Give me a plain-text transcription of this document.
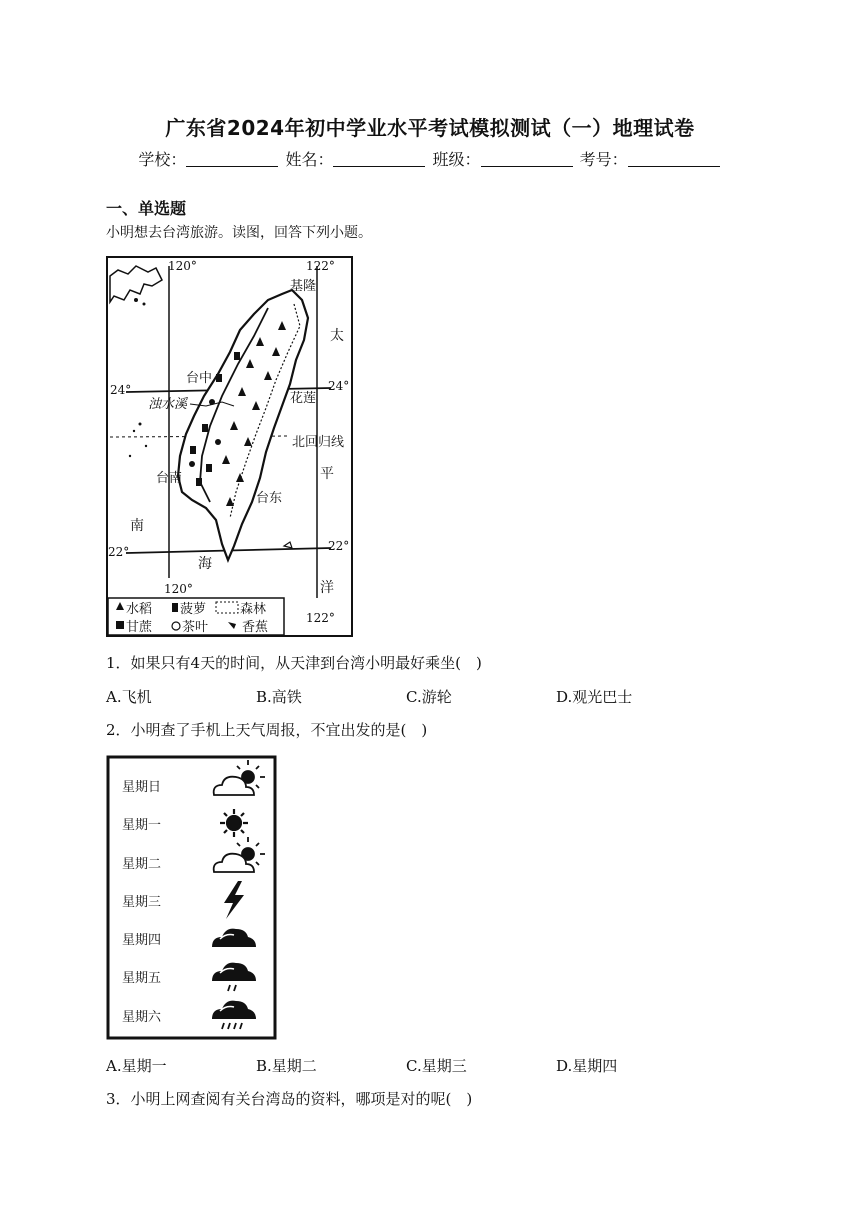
广东省2024年初中学业水平考试模拟测试（一）地理试卷
学校：	姓名：	班级：	考号：
一、单选题
小明想去台湾旅游。读图，回答下列小题。
120°	122°
基隆
太
台中
24°	24°
花莲
浊水溪
北回归线
平
台南
台东
南
22°	22°
海
120°	洋
122°
水稻 菠萝	森林
甘蔗 茶叶	香蕉
1．如果只有4天的时间，从天津到台湾小明最好乘坐(　)
A.飞机	B.高铁	C.游轮	D.观光巴士
2．小明查了手机上天气周报，不宜出发的是(　)
星期日
星期一
星期二
星期三
星期四
星期五
星期六
A.星期一	B.星期二	C.星期三	D.星期四
3．小明上网查阅有关台湾岛的资料，哪项是对的呢(　)
